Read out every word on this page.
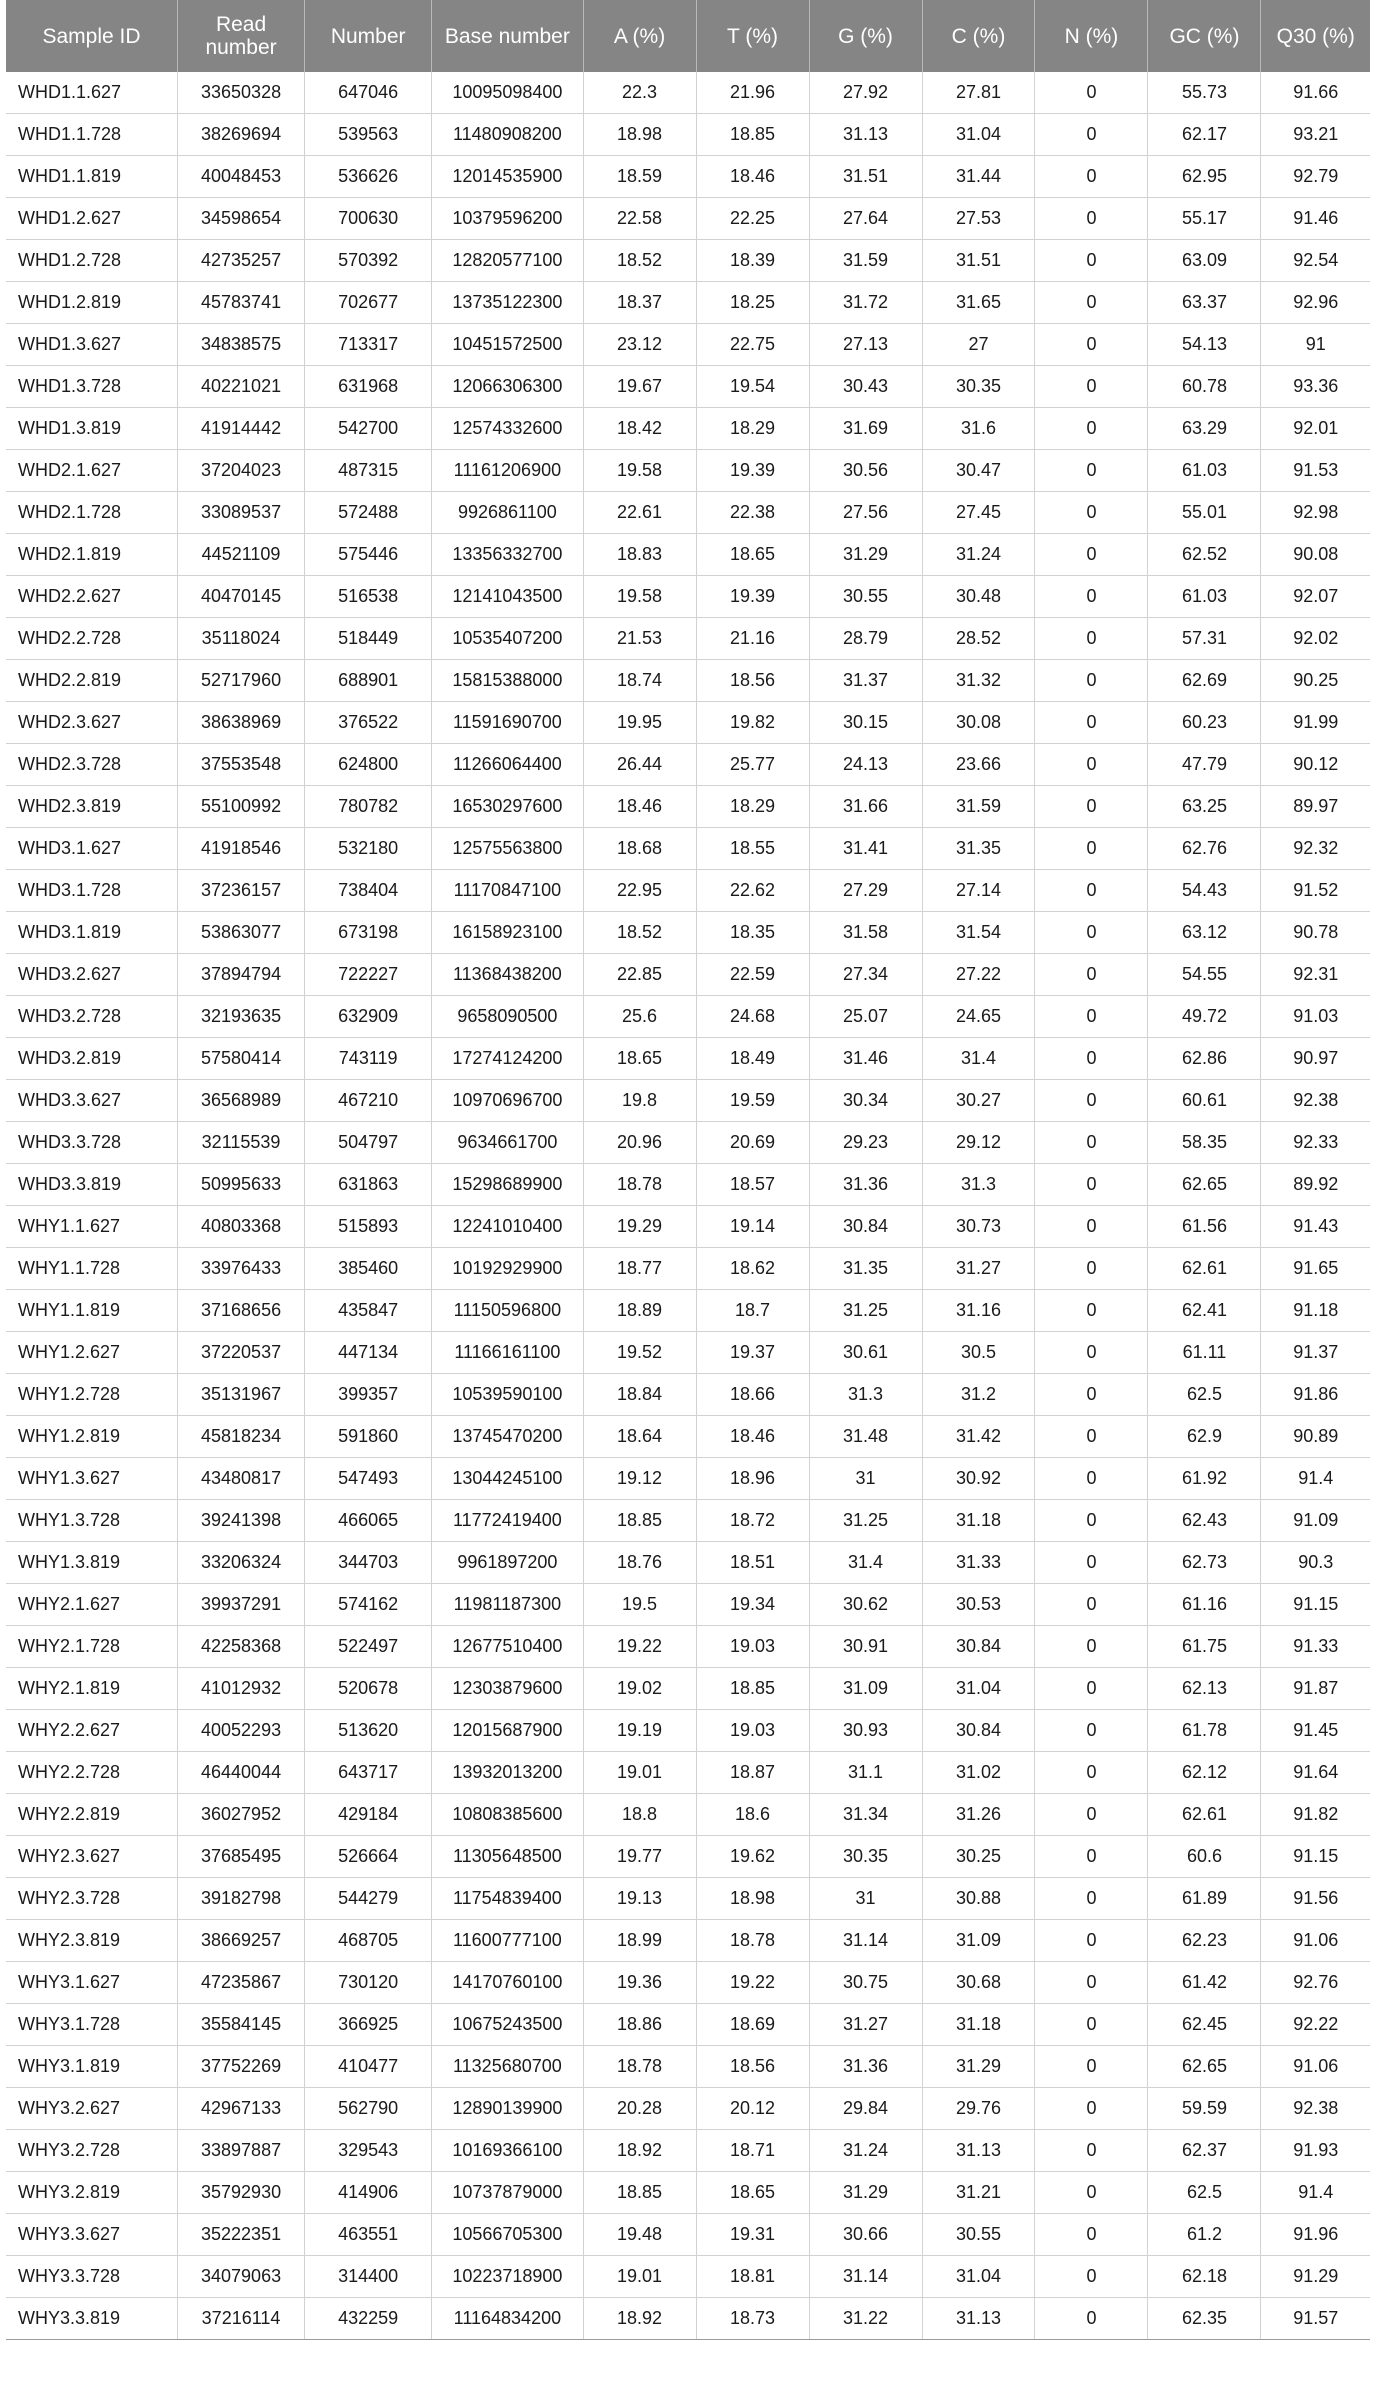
Sample ID	Read number	Number	Base number	A (%)	T (%)	G (%)	C (%)	N (%)	GC (%)	Q30 (%)
WHD1.1.627	33650328	647046	10095098400	22.3	21.96	27.92	27.81	0	55.73	91.66
WHD1.1.728	38269694	539563	11480908200	18.98	18.85	31.13	31.04	0	62.17	93.21
WHD1.1.819	40048453	536626	12014535900	18.59	18.46	31.51	31.44	0	62.95	92.79
WHD1.2.627	34598654	700630	10379596200	22.58	22.25	27.64	27.53	0	55.17	91.46
WHD1.2.728	42735257	570392	12820577100	18.52	18.39	31.59	31.51	0	63.09	92.54
WHD1.2.819	45783741	702677	13735122300	18.37	18.25	31.72	31.65	0	63.37	92.96
WHD1.3.627	34838575	713317	10451572500	23.12	22.75	27.13	27	0	54.13	91
WHD1.3.728	40221021	631968	12066306300	19.67	19.54	30.43	30.35	0	60.78	93.36
WHD1.3.819	41914442	542700	12574332600	18.42	18.29	31.69	31.6	0	63.29	92.01
WHD2.1.627	37204023	487315	11161206900	19.58	19.39	30.56	30.47	0	61.03	91.53
WHD2.1.728	33089537	572488	9926861100	22.61	22.38	27.56	27.45	0	55.01	92.98
WHD2.1.819	44521109	575446	13356332700	18.83	18.65	31.29	31.24	0	62.52	90.08
WHD2.2.627	40470145	516538	12141043500	19.58	19.39	30.55	30.48	0	61.03	92.07
WHD2.2.728	35118024	518449	10535407200	21.53	21.16	28.79	28.52	0	57.31	92.02
WHD2.2.819	52717960	688901	15815388000	18.74	18.56	31.37	31.32	0	62.69	90.25
WHD2.3.627	38638969	376522	11591690700	19.95	19.82	30.15	30.08	0	60.23	91.99
WHD2.3.728	37553548	624800	11266064400	26.44	25.77	24.13	23.66	0	47.79	90.12
WHD2.3.819	55100992	780782	16530297600	18.46	18.29	31.66	31.59	0	63.25	89.97
WHD3.1.627	41918546	532180	12575563800	18.68	18.55	31.41	31.35	0	62.76	92.32
WHD3.1.728	37236157	738404	11170847100	22.95	22.62	27.29	27.14	0	54.43	91.52
WHD3.1.819	53863077	673198	16158923100	18.52	18.35	31.58	31.54	0	63.12	90.78
WHD3.2.627	37894794	722227	11368438200	22.85	22.59	27.34	27.22	0	54.55	92.31
WHD3.2.728	32193635	632909	9658090500	25.6	24.68	25.07	24.65	0	49.72	91.03
WHD3.2.819	57580414	743119	17274124200	18.65	18.49	31.46	31.4	0	62.86	90.97
WHD3.3.627	36568989	467210	10970696700	19.8	19.59	30.34	30.27	0	60.61	92.38
WHD3.3.728	32115539	504797	9634661700	20.96	20.69	29.23	29.12	0	58.35	92.33
WHD3.3.819	50995633	631863	15298689900	18.78	18.57	31.36	31.3	0	62.65	89.92
WHY1.1.627	40803368	515893	12241010400	19.29	19.14	30.84	30.73	0	61.56	91.43
WHY1.1.728	33976433	385460	10192929900	18.77	18.62	31.35	31.27	0	62.61	91.65
WHY1.1.819	37168656	435847	11150596800	18.89	18.7	31.25	31.16	0	62.41	91.18
WHY1.2.627	37220537	447134	11166161100	19.52	19.37	30.61	30.5	0	61.11	91.37
WHY1.2.728	35131967	399357	10539590100	18.84	18.66	31.3	31.2	0	62.5	91.86
WHY1.2.819	45818234	591860	13745470200	18.64	18.46	31.48	31.42	0	62.9	90.89
WHY1.3.627	43480817	547493	13044245100	19.12	18.96	31	30.92	0	61.92	91.4
WHY1.3.728	39241398	466065	11772419400	18.85	18.72	31.25	31.18	0	62.43	91.09
WHY1.3.819	33206324	344703	9961897200	18.76	18.51	31.4	31.33	0	62.73	90.3
WHY2.1.627	39937291	574162	11981187300	19.5	19.34	30.62	30.53	0	61.16	91.15
WHY2.1.728	42258368	522497	12677510400	19.22	19.03	30.91	30.84	0	61.75	91.33
WHY2.1.819	41012932	520678	12303879600	19.02	18.85	31.09	31.04	0	62.13	91.87
WHY2.2.627	40052293	513620	12015687900	19.19	19.03	30.93	30.84	0	61.78	91.45
WHY2.2.728	46440044	643717	13932013200	19.01	18.87	31.1	31.02	0	62.12	91.64
WHY2.2.819	36027952	429184	10808385600	18.8	18.6	31.34	31.26	0	62.61	91.82
WHY2.3.627	37685495	526664	11305648500	19.77	19.62	30.35	30.25	0	60.6	91.15
WHY2.3.728	39182798	544279	11754839400	19.13	18.98	31	30.88	0	61.89	91.56
WHY2.3.819	38669257	468705	11600777100	18.99	18.78	31.14	31.09	0	62.23	91.06
WHY3.1.627	47235867	730120	14170760100	19.36	19.22	30.75	30.68	0	61.42	92.76
WHY3.1.728	35584145	366925	10675243500	18.86	18.69	31.27	31.18	0	62.45	92.22
WHY3.1.819	37752269	410477	11325680700	18.78	18.56	31.36	31.29	0	62.65	91.06
WHY3.2.627	42967133	562790	12890139900	20.28	20.12	29.84	29.76	0	59.59	92.38
WHY3.2.728	33897887	329543	10169366100	18.92	18.71	31.24	31.13	0	62.37	91.93
WHY3.2.819	35792930	414906	10737879000	18.85	18.65	31.29	31.21	0	62.5	91.4
WHY3.3.627	35222351	463551	10566705300	19.48	19.31	30.66	30.55	0	61.2	91.96
WHY3.3.728	34079063	314400	10223718900	19.01	18.81	31.14	31.04	0	62.18	91.29
WHY3.3.819	37216114	432259	11164834200	18.92	18.73	31.22	31.13	0	62.35	91.57
